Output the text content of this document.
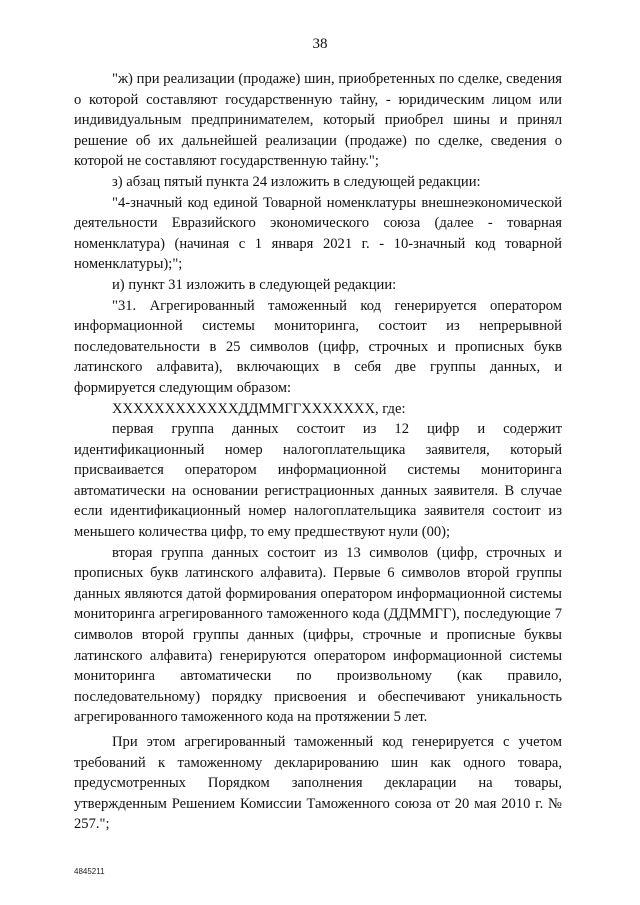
38

"ж) при реализации (продаже) шин, приобретенных по сделке, сведения о которой составляют государственную тайну, - юридическим лицом или индивидуальным предпринимателем, который приобрел шины и принял решение об их дальнейшей реализации (продаже) по сделке, сведения о которой не составляют государственную тайну.";

з) абзац пятый пункта 24 изложить в следующей редакции:

"4-значный код единой Товарной номенклатуры внешнеэкономической деятельности Евразийского экономического союза (далее - товарная номенклатура) (начиная с 1 января 2021 г. - 10-значный код товарной номенклатуры);";

и) пункт 31 изложить в следующей редакции:

"31. Агрегированный таможенный код генерируется оператором информационной системы мониторинга, состоит из непрерывной последовательности в 25 символов (цифр, строчных и прописных букв латинского алфавита), включающих в себя две группы данных, и формируется следующим образом:

ХХХХХХХХХХХХДДММГГХХХХХХХ, где:

первая группа данных состоит из 12 цифр и содержит идентификационный номер налогоплательщика заявителя, который присваивается оператором информационной системы мониторинга автоматически на основании регистрационных данных заявителя. В случае если идентификационный номер налогоплательщика заявителя состоит из меньшего количества цифр, то ему предшествуют нули (00);

вторая группа данных состоит из 13 символов (цифр, строчных и прописных букв латинского алфавита). Первые 6 символов второй группы данных являются датой формирования оператором информационной системы мониторинга агрегированного таможенного кода (ДДММГГ), последующие 7 символов второй группы данных (цифры, строчные и прописные буквы латинского алфавита) генерируются оператором информационной системы мониторинга автоматически по произвольному (как правило, последовательному) порядку присвоения и обеспечивают уникальность агрегированного таможенного кода на протяжении 5 лет.

При этом агрегированный таможенный код генерируется с учетом требований к таможенному декларированию шин как одного товара, предусмотренных Порядком заполнения декларации на товары, утвержденным Решением Комиссии Таможенного союза от 20 мая 2010 г. № 257.";

4845211
